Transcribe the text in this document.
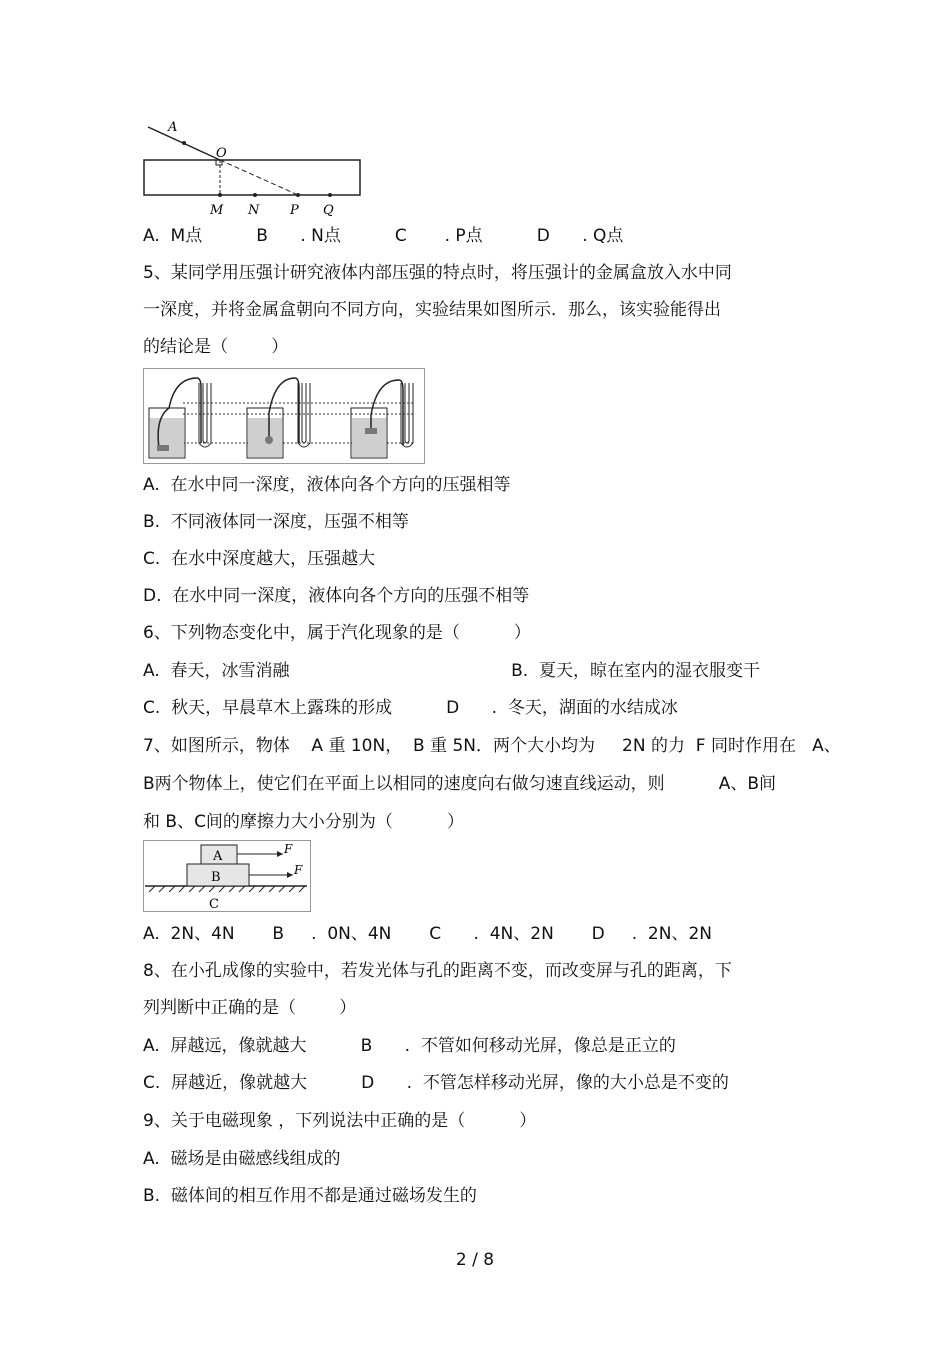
A
O
M N P Q
A.  M点          B      . N点          C       . P点          D      . Q点
5、某同学用压强计研究液体内部压强的特点时，将压强计的金属盒放入水中同
一深度，并将金属盒朝向不同方向，实验结果如图所示．那么，该实验能得出
的结论是（        ）
A.  在水中同一深度，液体向各个方向的压强相等
B.  不同液体同一深度，压强不相等
C.  在水中深度越大，压强越大
D.  在水中同一深度，液体向各个方向的压强不相等
6、下列物态变化中，属于汽化现象的是（          ）
A.  春天，冰雪消融                                         B.  夏天，晾在室内的湿衣服变干
C.  秋天，早晨草木上露珠的形成          D      .  冬天，湖面的水结成冰
7、如图所示，物体    A 重 10N，  B 重 5N．两个大小均为     2N 的力  F 同时作用在   A、
B两个物体上，使它们在平面上以相同的速度向右做匀速直线运动，则          A、B间
和 B、C间的摩擦力大小分别为（          ）
A
B
C
F
F
A.  2N、4N       B     .  0N、4N       C      .  4N、2N       D     .  2N、2N
8、在小孔成像的实验中，若发光体与孔的距离不变，而改变屏与孔的距离，下
列判断中正确的是（        ）
A.  屏越远，像就越大          B      .  不管如何移动光屏，像总是正立的
C.  屏越近，像就越大          D      .  不管怎样移动光屏，像的大小总是不变的
9、关于电磁现象 ，下列说法中正确的是（          ）
A.  磁场是由磁感线组成的
B.  磁体间的相互作用不都是通过磁场发生的
2 / 8
